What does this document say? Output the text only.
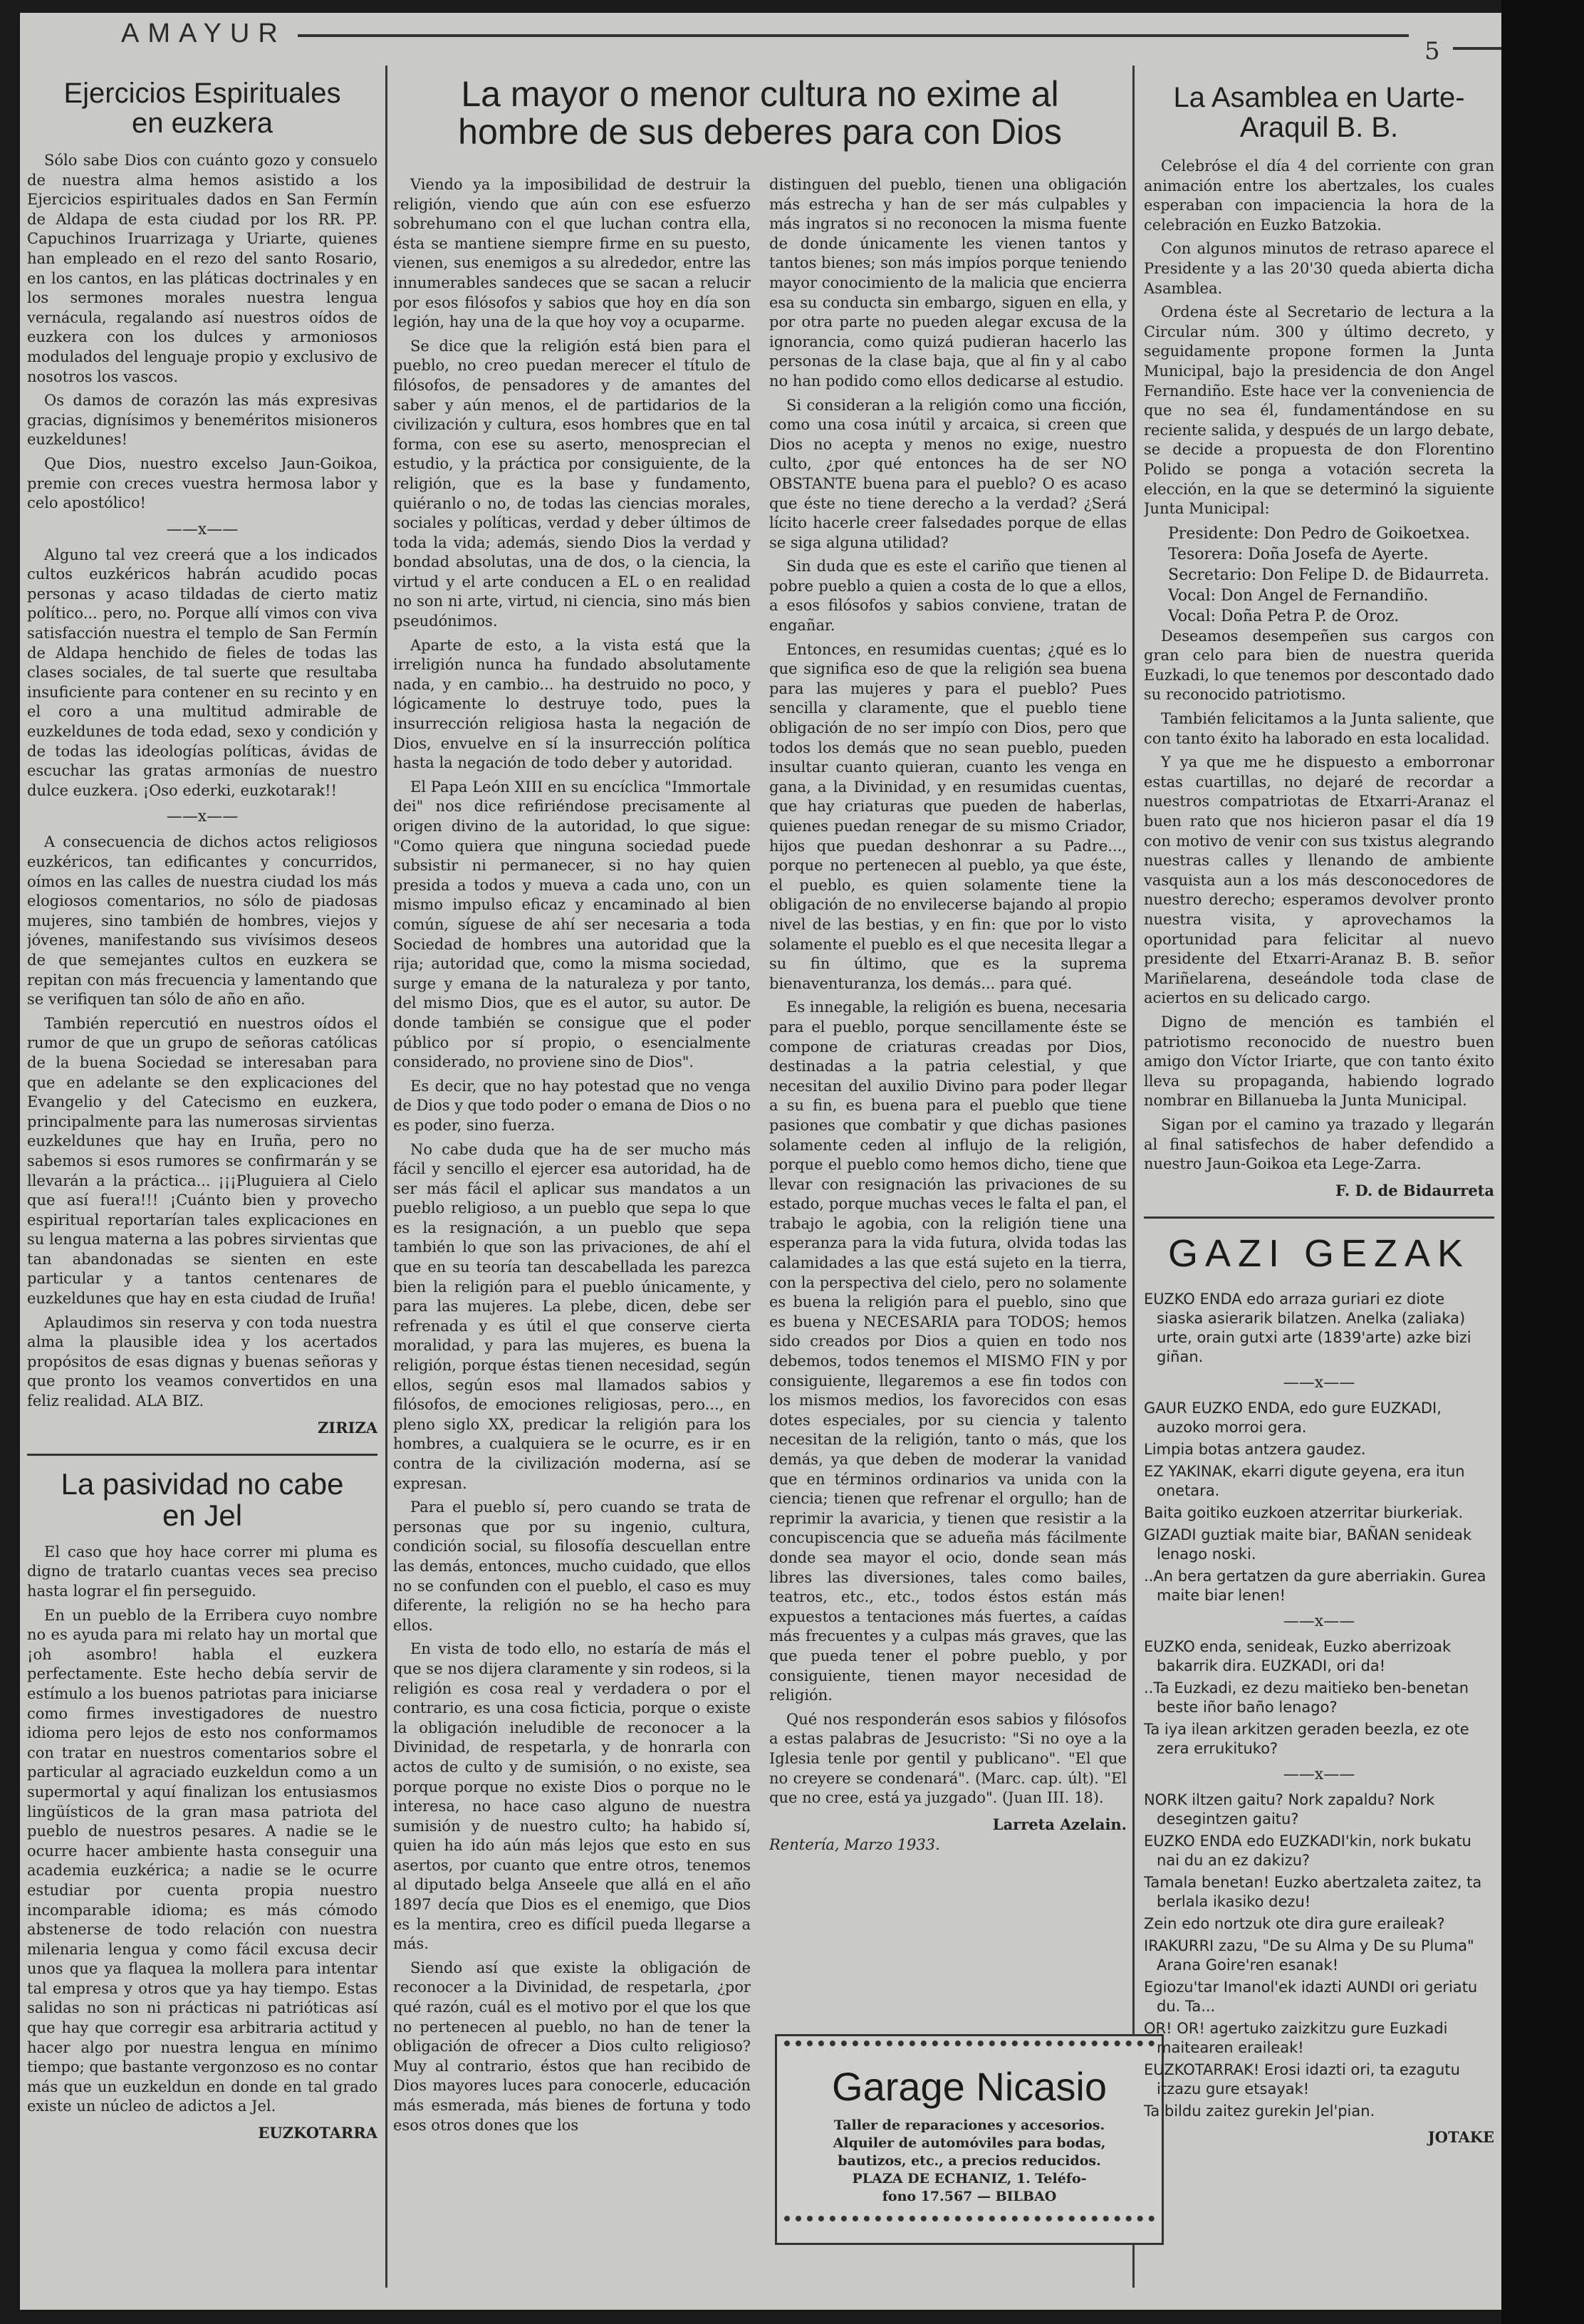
AMAYUR
5
Ejercicios Espirituales
en euzkera

Sólo sabe Dios con cuánto gozo y consuelo de nuestra alma hemos asistido a los Ejercicios espirituales dados en San Fermín de Aldapa de esta ciudad por los RR. PP. Capuchinos Iruarrizaga y Uriarte, quienes han empleado en el rezo del santo Rosario, en los cantos, en las pláticas doctrinales y en los sermones morales nuestra lengua vernácula, regalando así nuestros oídos de euzkera con los dulces y armoniosos modulados del lenguaje propio y exclusivo de nosotros los vascos.

Os damos de corazón las más expresivas gracias, dignísimos y beneméritos misioneros euzkeldunes!

Que Dios, nuestro excelso Jaun-Goikoa, premie con creces vuestra hermosa labor y celo apostólico!

——x——

Alguno tal vez creerá que a los indicados cultos euzkéricos habrán acudido pocas personas y acaso tildadas de cierto matiz político... pero, no. Porque allí vimos con viva satisfacción nuestra el templo de San Fermín de Aldapa henchido de fieles de todas las clases sociales, de tal suerte que resultaba insuficiente para contener en su recinto y en el coro a una multitud admirable de euzkeldunes de toda edad, sexo y condición y de todas las ideologías políticas, ávidas de escuchar las gratas armonías de nuestro dulce euzkera. ¡Oso ederki, euzkotarak!!

——x——

A consecuencia de dichos actos religiosos euzkéricos, tan edificantes y concurridos, oímos en las calles de nuestra ciudad los más elogiosos comentarios, no sólo de piadosas mujeres, sino también de hombres, viejos y jóvenes, manifestando sus vivísimos deseos de que semejantes cultos en euzkera se repitan con más frecuencia y lamentando que se verifiquen tan sólo de año en año.

También repercutió en nuestros oídos el rumor de que un grupo de señoras católicas de la buena Sociedad se interesaban para que en adelante se den explicaciones del Evangelio y del Catecismo en euzkera, principalmente para las numerosas sirvientas euzkeldunes que hay en Iruña, pero no sabemos si esos rumores se confirmarán y se llevarán a la práctica... ¡¡¡Pluguiera al Cielo que así fuera!!! ¡Cuánto bien y provecho espiritual reportarían tales explicaciones en su lengua materna a las pobres sirvientas que tan abandonadas se sienten en este particular y a tantos centenares de euzkeldunes que hay en esta ciudad de Iruña!

Aplaudimos sin reserva y con toda nuestra alma la plausible idea y los acertados propósitos de esas dignas y buenas señoras y que pronto los veamos convertidos en una feliz realidad. ALA BIZ.

ZIRIZA
La pasividad no cabe
en Jel

El caso que hoy hace correr mi pluma es digno de tratarlo cuantas veces sea preciso hasta lograr el fin perseguido.

En un pueblo de la Erribera cuyo nombre no es ayuda para mi relato hay un mortal que ¡oh asombro! habla el euzkera perfectamente. Este hecho debía servir de estímulo a los buenos patriotas para iniciarse como firmes investigadores de nuestro idioma pero lejos de esto nos conformamos con tratar en nuestros comentarios sobre el particular al agraciado euzkeldun como a un supermortal y aquí finalizan los entusiasmos lingüísticos de la gran masa patriota del pueblo de nuestros pesares. A nadie se le ocurre hacer ambiente hasta conseguir una academia euzkérica; a nadie se le ocurre estudiar por cuenta propia nuestro incomparable idioma; es más cómodo abstenerse de todo relación con nuestra milenaria lengua y como fácil excusa decir unos que ya flaquea la mollera para intentar tal empresa y otros que ya hay tiempo. Estas salidas no son ni prácticas ni patrióticas así que hay que corregir esa arbitraria actitud y hacer algo por nuestra lengua en mínimo tiempo; que bastante vergonzoso es no contar más que un euzkeldun en donde en tal grado existe un núcleo de adictos a Jel.

EUZKOTARRA
La mayor o menor cultura no exime al
hombre de sus deberes para con Dios

Viendo ya la imposibilidad de destruir la religión, viendo que aún con ese esfuerzo sobrehumano con el que luchan contra ella, ésta se mantiene siempre firme en su puesto, vienen, sus enemigos a su alrededor, entre las innumerables sandeces que se sacan a relucir por esos filósofos y sabios que hoy en día son legión, hay una de la que hoy voy a ocuparme.

Se dice que la religión está bien para el pueblo, no creo puedan merecer el título de filósofos, de pensadores y de amantes del saber y aún menos, el de partidarios de la civilización y cultura, esos hombres que en tal forma, con ese su aserto, menosprecian el estudio, y la práctica por consiguiente, de la religión, que es la base y fundamento, quiéranlo o no, de todas las ciencias morales, sociales y políticas, verdad y deber últimos de toda la vida; además, siendo Dios la verdad y bondad absolutas, una de dos, o la ciencia, la virtud y el arte conducen a EL o en realidad no son ni arte, virtud, ni ciencia, sino más bien pseudónimos.

Aparte de esto, a la vista está que la irreligión nunca ha fundado absolutamente nada, y en cambio... ha destruido no poco, y lógicamente lo destruye todo, pues la insurrección religiosa hasta la negación de Dios, envuelve en sí la insurrección política hasta la negación de todo deber y autoridad.

El Papa León XIII en su encíclica "Immortale dei" nos dice refiriéndose precisamente al origen divino de la autoridad, lo que sigue: "Como quiera que ninguna sociedad puede subsistir ni permanecer, si no hay quien presida a todos y mueva a cada uno, con un mismo impulso eficaz y encaminado al bien común, síguese de ahí ser necesaria a toda Sociedad de hombres una autoridad que la rija; autoridad que, como la misma sociedad, surge y emana de la naturaleza y por tanto, del mismo Dios, que es el autor, su autor. De donde también se consigue que el poder público por sí propio, o esencialmente considerado, no proviene sino de Dios".

Es decir, que no hay potestad que no venga de Dios y que todo poder o emana de Dios o no es poder, sino fuerza.

No cabe duda que ha de ser mucho más fácil y sencillo el ejercer esa autoridad, ha de ser más fácil el aplicar sus mandatos a un pueblo religioso, a un pueblo que sepa lo que es la resignación, a un pueblo que sepa también lo que son las privaciones, de ahí el que en su teoría tan descabellada les parezca bien la religión para el pueblo únicamente, y para las mujeres. La plebe, dicen, debe ser refrenada y es útil el que conserve cierta moralidad, y para las mujeres, es buena la religión, porque éstas tienen necesidad, según ellos, según esos mal llamados sabios y filósofos, de emociones religiosas, pero..., en pleno siglo XX, predicar la religión para los hombres, a cualquiera se le ocurre, es ir en contra de la civilización moderna, así se expresan.

Para el pueblo sí, pero cuando se trata de personas que por su ingenio, cultura, condición social, su filosofía descuellan entre las demás, entonces, mucho cuidado, que ellos no se confunden con el pueblo, el caso es muy diferente, la religión no se ha hecho para ellos.

En vista de todo ello, no estaría de más el que se nos dijera claramente y sin rodeos, si la religión es cosa real y verdadera o por el contrario, es una cosa ficticia, porque o existe la obligación ineludible de reconocer a la Divinidad, de respetarla, y de honrarla con actos de culto y de sumisión, o no existe, sea porque porque no existe Dios o porque no le interesa, no hace caso alguno de nuestra sumisión y de nuestro culto; ha habido sí, quien ha ido aún más lejos que esto en sus asertos, por cuanto que entre otros, tenemos al diputado belga Anseele que allá en el año 1897 decía que Dios es el enemigo, que Dios es la mentira, creo es difícil pueda llegarse a más.

Siendo así que existe la obligación de reconocer a la Divinidad, de respetarla, ¿por qué razón, cuál es el motivo por el que los que no pertenecen al pueblo, no han de tener la obligación de ofrecer a Dios culto religioso? Muy al contrario, éstos que han recibido de Dios mayores luces para conocerle, educación más esmerada, más bienes de fortuna y todo esos otros dones que los

distinguen del pueblo, tienen una obligación más estrecha y han de ser más culpables y más ingratos si no reconocen la misma fuente de donde únicamente les vienen tantos y tantos bienes; son más impíos porque teniendo mayor conocimiento de la malicia que encierra esa su conducta sin embargo, siguen en ella, y por otra parte no pueden alegar excusa de la ignorancia, como quizá pudieran hacerlo las personas de la clase baja, que al fin y al cabo no han podido como ellos dedicarse al estudio.

Si consideran a la religión como una ficción, como una cosa inútil y arcaica, si creen que Dios no acepta y menos no exige, nuestro culto, ¿por qué entonces ha de ser NO OBSTANTE buena para el pueblo? O es acaso que éste no tiene derecho a la verdad? ¿Será lícito hacerle creer falsedades porque de ellas se siga alguna utilidad?

Sin duda que es este el cariño que tienen al pobre pueblo a quien a costa de lo que a ellos, a esos filósofos y sabios conviene, tratan de engañar.

Entonces, en resumidas cuentas; ¿qué es lo que significa eso de que la religión sea buena para las mujeres y para el pueblo? Pues sencilla y claramente, que el pueblo tiene obligación de no ser impío con Dios, pero que todos los demás que no sean pueblo, pueden insultar cuanto quieran, cuanto les venga en gana, a la Divinidad, y en resumidas cuentas, que hay criaturas que pueden de haberlas, quienes puedan renegar de su mismo Criador, hijos que puedan deshonrar a su Padre..., porque no pertenecen al pueblo, ya que éste, el pueblo, es quien solamente tiene la obligación de no envilecerse bajando al propio nivel de las bestias, y en fin: que por lo visto solamente el pueblo es el que necesita llegar a su fin último, que es la suprema bienaventuranza, los demás... para qué.

Es innegable, la religión es buena, necesaria para el pueblo, porque sencillamente éste se compone de criaturas creadas por Dios, destinadas a la patria celestial, y que necesitan del auxilio Divino para poder llegar a su fin, es buena para el pueblo que tiene pasiones que combatir y que dichas pasiones solamente ceden al influjo de la religión, porque el pueblo como hemos dicho, tiene que llevar con resignación las privaciones de su estado, porque muchas veces le falta el pan, el trabajo le agobia, con la religión tiene una esperanza para la vida futura, olvida todas las calamidades a las que está sujeto en la tierra, con la perspectiva del cielo, pero no solamente es buena la religión para el pueblo, sino que es buena y NECESARIA para TODOS; hemos sido creados por Dios a quien en todo nos debemos, todos tenemos el MISMO FIN y por consiguiente, llegaremos a ese fin todos con los mismos medios, los favorecidos con esas dotes especiales, por su ciencia y talento necesitan de la religión, tanto o más, que los demás, ya que deben de moderar la vanidad que en términos ordinarios va unida con la ciencia; tienen que refrenar el orgullo; han de reprimir la avaricia, y tienen que resistir a la concupiscencia que se adueña más fácilmente donde sea mayor el ocio, donde sean más libres las diversiones, tales como bailes, teatros, etc., etc., todos éstos están más expuestos a tentaciones más fuertes, a caídas más frecuentes y a culpas más graves, que las que pueda tener el pobre pueblo, y por consiguiente, tienen mayor necesidad de religión.

Qué nos responderán esos sabios y filósofos a estas palabras de Jesucristo: "Si no oye a la Iglesia tenle por gentil y publicano". "El que no creyere se condenará". (Marc. cap. últ). "El que no cree, está ya juzgado". (Juan III. 18).

Larreta Azelain.
Rentería, Marzo 1933.
Garage Nicasio
Taller de reparaciones y accesorios.
Alquiler de automóviles para bodas,
bautizos, etc., a precios reducidos.
PLAZA DE ECHANIZ, 1. Teléfo-
fono 17.567 — BILBAO
La Asamblea en Uarte-
Araquil B. B.

Celebróse el día 4 del corriente con gran animación entre los abertzales, los cuales esperaban con impaciencia la hora de la celebración en Euzko Batzokia.

Con algunos minutos de retraso aparece el Presidente y a las 20'30 queda abierta dicha Asamblea.

Ordena éste al Secretario de lectura a la Circular núm. 300 y último decreto, y seguidamente propone formen la Junta Municipal, bajo la presidencia de don Angel Fernandiño. Este hace ver la conveniencia de que no sea él, fundamentándose en su reciente salida, y después de un largo debate, se decide a propuesta de don Florentino Polido se ponga a votación secreta la elección, en la que se determinó la siguiente Junta Municipal:

Presidente: Don Pedro de Goikoetxea.
Tesorera: Doña Josefa de Ayerte.
Secretario: Don Felipe D. de Bidaurreta.
Vocal: Don Angel de Fernandiño.
Vocal: Doña Petra P. de Oroz.

Deseamos desempeñen sus cargos con gran celo para bien de nuestra querida Euzkadi, lo que tenemos por descontado dado su reconocido patriotismo.

También felicitamos a la Junta saliente, que con tanto éxito ha laborado en esta localidad.

Y ya que me he dispuesto a emborronar estas cuartillas, no dejaré de recordar a nuestros compatriotas de Etxarri-Aranaz el buen rato que nos hicieron pasar el día 19 con motivo de venir con sus txistus alegrando nuestras calles y llenando de ambiente vasquista aun a los más desconocedores de nuestro derecho; esperamos devolver pronto nuestra visita, y aprovechamos la oportunidad para felicitar al nuevo presidente del Etxarri-Aranaz B. B. señor Mariñelarena, deseándole toda clase de aciertos en su delicado cargo.

Digno de mención es también el patriotismo reconocido de nuestro buen amigo don Víctor Iriarte, que con tanto éxito lleva su propaganda, habiendo logrado nombrar en Billanueba la Junta Municipal.

Sigan por el camino ya trazado y llegarán al final satisfechos de haber defendido a nuestro Jaun-Goikoa eta Lege-Zarra.

F. D. de Bidaurreta
GAZI GEZAK

EUZKO ENDA edo arraza guriari ez diote siaska asierarik bilatzen. Anelka (zaliaka) urte, orain gutxi arte (1839'arte) azke bizi giñan.

——x——

GAUR EUZKO ENDA, edo gure EUZKADI, auzoko morroi gera.

Limpia botas antzera gaudez.

EZ YAKINAK, ekarri digute geyena, era itun onetara.

Baita goitiko euzkoen atzerritar biurkeriak.

GIZADI guztiak maite biar, BAÑAN senideak lenago noski.

..An bera gertatzen da gure aberriakin. Gurea maite biar lenen!

——x——

EUZKO enda, senideak, Euzko aberrizoak bakarrik dira. EUZKADI, ori da!

..Ta Euzkadi, ez dezu maitieko ben-benetan beste iñor baño lenago?

Ta iya ilean arkitzen geraden beezla, ez ote zera errukituko?

——x——

NORK iltzen gaitu? Nork zapaldu? Nork desegintzen gaitu?

EUZKO ENDA edo EUZKADI'kin, nork bukatu nai du an ez dakizu?

Tamala benetan! Euzko abertzaleta zaitez, ta berlala ikasiko dezu!

Zein edo nortzuk ote dira gure eraileak?

IRAKURRI zazu, "De su Alma y De su Pluma" Arana Goire'ren esanak!

Egiozu'tar Imanol'ek idazti AUNDI ori geriatu du. Ta...

OR! OR! agertuko zaizkitzu gure Euzkadi maitearen eraileak!

EUZKOTARRAK! Erosi idazti ori, ta ezagutu itzazu gure etsayak!

Ta bildu zaitez gurekin Jel'pian.

JOTAKE
